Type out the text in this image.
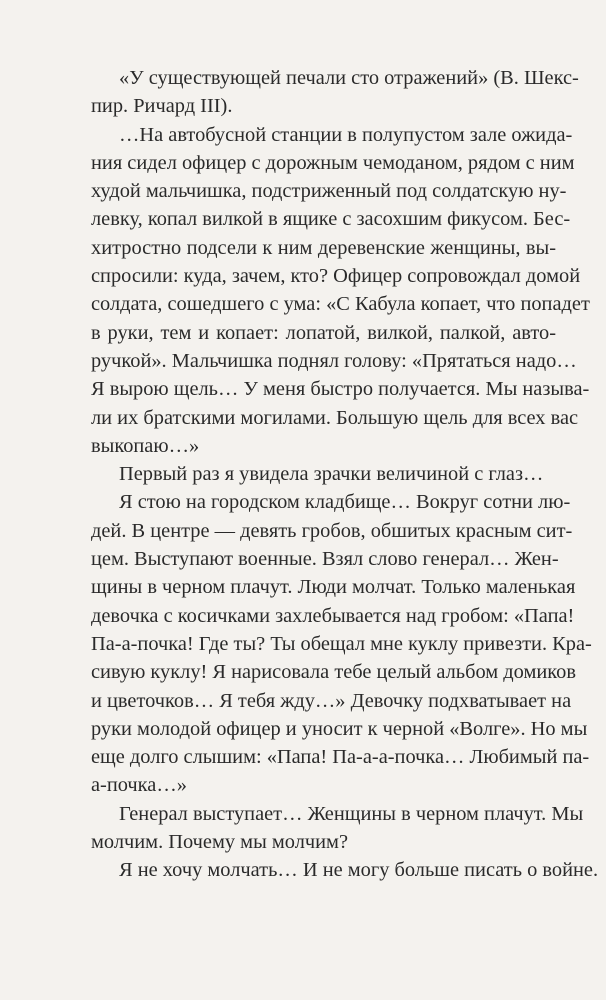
«У существующей печали сто отражений» (В. Шекс-
пир. Ричард III).
…На автобусной станции в полупустом зале ожида-
ния сидел офицер с дорожным чемоданом, рядом с ним
худой мальчишка, подстриженный под солдатскую ну-
левку, копал вилкой в ящике с засохшим фикусом. Бес-
хитростно подсели к ним деревенские женщины, вы-
спросили: куда, зачем, кто? Офицер сопровождал домой
солдата, сошедшего с ума: «С Кабула копает, что попадет
в руки, тем и копает: лопатой, вилкой, палкой, авто-
ручкой». Мальчишка поднял голову: «Прятаться надо…
Я вырою щель… У меня быстро получается. Мы называ-
ли их братскими могилами. Большую щель для всех вас
выкопаю…»
Первый раз я увидела зрачки величиной с глаз…
Я стою на городском кладбище… Вокруг сотни лю-
дей. В центре — девять гробов, обшитых красным сит-
цем. Выступают военные. Взял слово генерал… Жен-
щины в черном плачут. Люди молчат. Только маленькая
девочка с косичками захлебывается над гробом: «Папа!
Па-а-почка! Где ты? Ты обещал мне куклу привезти. Кра-
сивую куклу! Я нарисовала тебе целый альбом домиков
и цветочков… Я тебя жду…» Девочку подхватывает на
руки молодой офицер и уносит к черной «Волге». Но мы
еще долго слышим: «Папа! Па-а-а-почка… Любимый па-
а-почка…»
Генерал выступает… Женщины в черном плачут. Мы
молчим. Почему мы молчим?
Я не хочу молчать… И не могу больше писать о войне.
